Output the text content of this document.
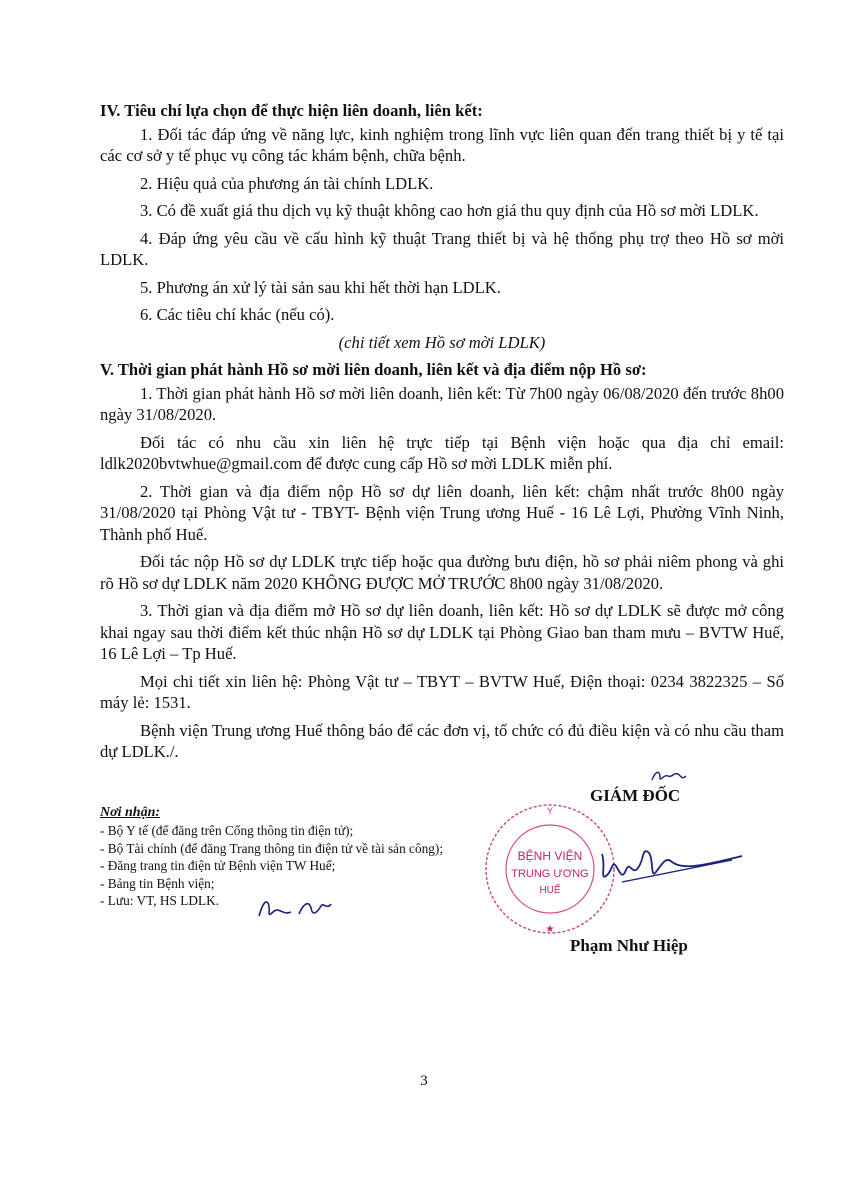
IV. Tiêu chí lựa chọn để thực hiện liên doanh, liên kết:

1. Đối tác đáp ứng về năng lực, kinh nghiệm trong lĩnh vực liên quan đến trang thiết bị y tế tại các cơ sở y tế phục vụ công tác khám bệnh, chữa bệnh.

2. Hiệu quả của phương án tài chính LDLK.

3. Có đề xuất giá thu dịch vụ kỹ thuật không cao hơn giá thu quy định của Hồ sơ mời LDLK.

4. Đáp ứng yêu cầu về cấu hình kỹ thuật Trang thiết bị và hệ thống phụ trợ theo Hồ sơ mời LDLK.

5. Phương án xử lý tài sản sau khi hết thời hạn LDLK.

6. Các tiêu chí khác (nếu có).

(chi tiết xem Hồ sơ mời LDLK)

V. Thời gian phát hành Hồ sơ mời liên doanh, liên kết và địa điểm nộp Hồ sơ:

1. Thời gian phát hành Hồ sơ mời liên doanh, liên kết: Từ 7h00 ngày 06/08/2020 đến trước 8h00 ngày 31/08/2020.

Đối tác có nhu cầu xin liên hệ trực tiếp tại Bệnh viện hoặc qua địa chỉ email: ldlk2020bvtwhue@gmail.com để được cung cấp Hồ sơ mời LDLK miễn phí.

2. Thời gian và địa điểm nộp Hồ sơ dự liên doanh, liên kết: chậm nhất trước 8h00 ngày 31/08/2020 tại Phòng Vật tư - TBYT- Bệnh viện Trung ương Huế - 16 Lê Lợi, Phường Vĩnh Ninh, Thành phố Huế.

Đối tác nộp Hồ sơ dự LDLK trực tiếp hoặc qua đường bưu điện, hồ sơ phải niêm phong và ghi rõ Hồ sơ dự LDLK năm 2020 KHÔNG ĐƯỢC MỞ TRƯỚC 8h00 ngày 31/08/2020.

3. Thời gian và địa điểm mở Hồ sơ dự liên doanh, liên kết: Hồ sơ dự LDLK sẽ được mở công khai ngay sau thời điểm kết thúc nhận Hồ sơ dự LDLK tại Phòng Giao ban tham mưu – BVTW Huế, 16 Lê Lợi – Tp Huế.

Mọi chi tiết xin liên hệ: Phòng Vật tư – TBYT – BVTW Huế, Điện thoại: 0234 3822325 – Số máy lẻ: 1531.

Bệnh viện Trung ương Huế thông báo để các đơn vị, tổ chức có đủ điều kiện và có nhu cầu tham dự LDLK./.

Nơi nhận:
- Bộ Y tế (để đăng trên Cổng thông tin điện tử);
- Bộ Tài chính (để đăng Trang thông tin điện tử về tài sản công);
- Đăng trang tin điện tử Bệnh viện TW Huế;
- Bảng tin Bệnh viện;
- Lưu: VT, HS LDLK.
Y
BỆNH VIỆN
TRUNG ƯƠNG
HUẾ
★
GIÁM ĐỐC
Phạm Như Hiệp
3
